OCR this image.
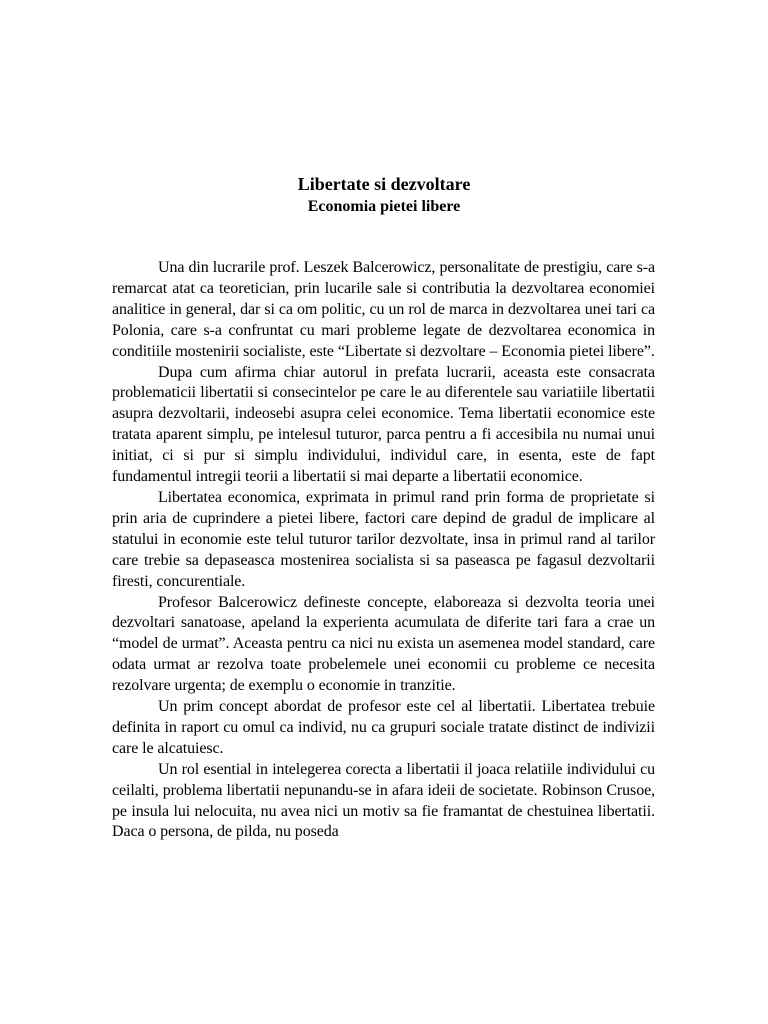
Libertate si dezvoltare
Economia pietei libere

Una din lucrarile prof. Leszek Balcerowicz, personalitate de prestigiu, care s-a remarcat atat ca teoretician, prin lucarile sale si contributia la dezvoltarea economiei analitice in general, dar si ca om politic, cu un rol de marca in dezvoltarea unei tari ca Polonia, care s-a confruntat cu mari probleme legate de dezvoltarea economica in conditiile mostenirii socialiste, este “Libertate si dezvoltare – Economia pietei libere”.

Dupa cum afirma chiar autorul in prefata lucrarii, aceasta este consacrata problematicii libertatii si consecintelor pe care le au diferentele sau variatiile libertatii asupra dezvoltarii, indeosebi asupra celei economice. Tema libertatii economice este tratata aparent simplu, pe intelesul tuturor, parca pentru a fi accesibila nu numai unui initiat, ci si pur si simplu individului, individul care, in esenta, este de fapt fundamentul intregii teorii a libertatii si mai departe a libertatii economice.

Libertatea economica, exprimata in primul rand prin forma de proprietate si prin aria de cuprindere a pietei libere, factori care depind de gradul de implicare al statului in economie este telul tuturor tarilor dezvoltate, insa in primul rand al tarilor care trebie sa depaseasca mostenirea socialista si sa paseasca pe fagasul dezvoltarii firesti, concurentiale.

Profesor Balcerowicz defineste concepte, elaboreaza si dezvolta teoria unei dezvoltari sanatoase, apeland la experienta acumulata de diferite tari fara a crae un “model de urmat”. Aceasta pentru ca nici nu exista un asemenea model standard, care odata urmat ar rezolva toate probelemele unei economii cu probleme ce necesita rezolvare urgenta; de exemplu o economie in tranzitie.

Un prim concept abordat de profesor este cel al libertatii. Libertatea trebuie definita in raport cu omul ca individ, nu ca grupuri sociale tratate distinct de indivizii care le alcatuiesc.

Un rol esential in intelegerea corecta a libertatii il joaca relatiile individului cu ceilalti, problema libertatii nepunandu-se in afara ideii de societate. Robinson Crusoe, pe insula lui nelocuita, nu avea nici un motiv sa fie framantat de chestuinea libertatii. Daca o persona, de pilda, nu poseda
